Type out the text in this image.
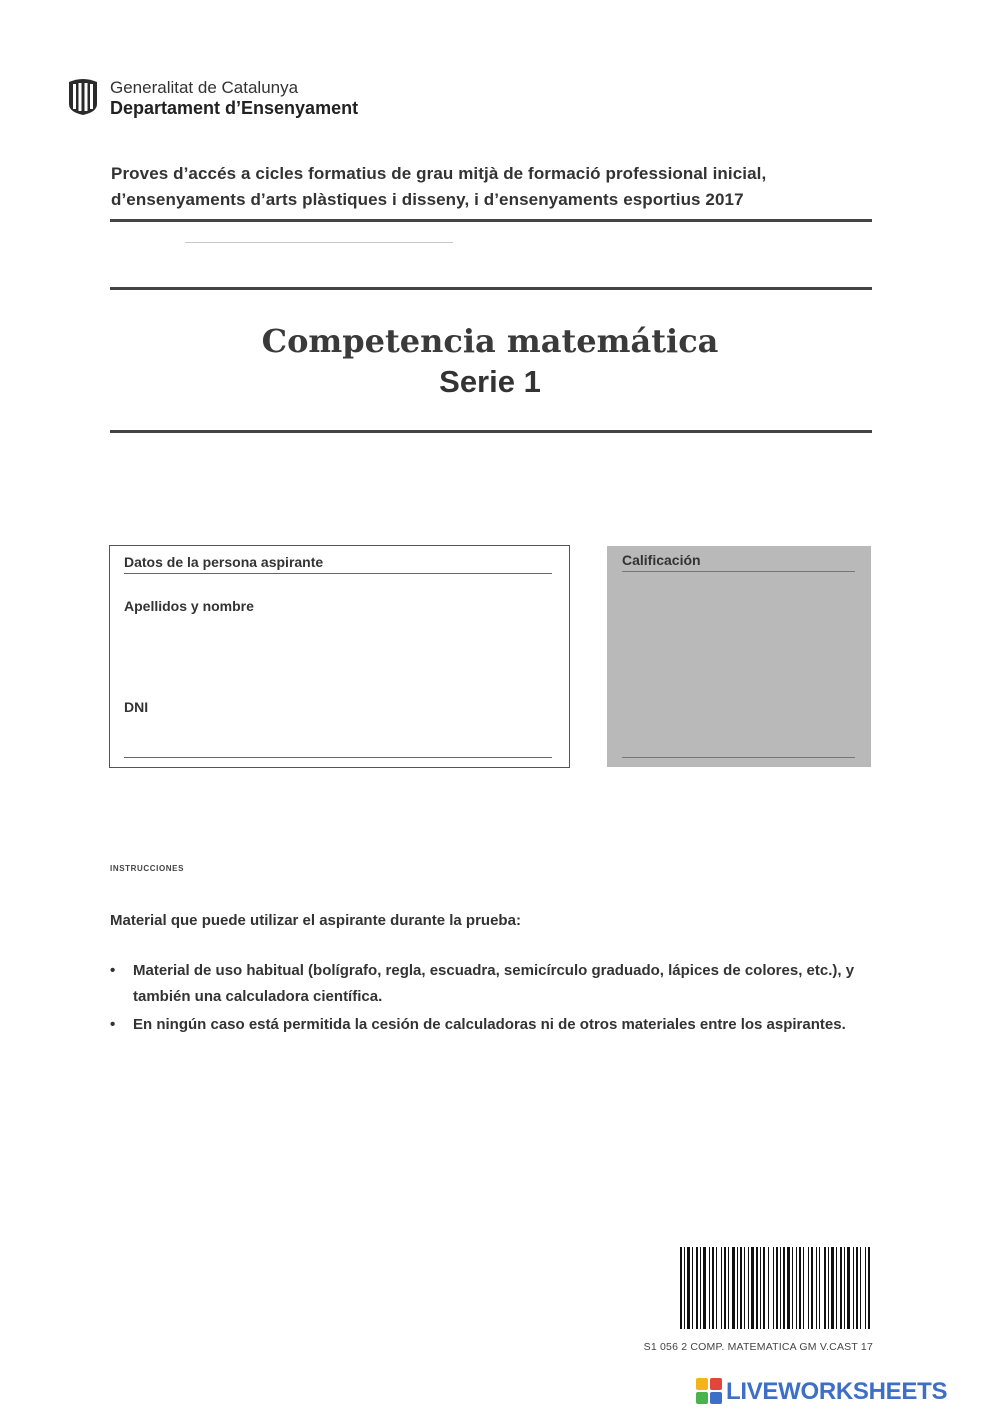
Generalitat de Catalunya
Departament d’Ensenyament
Proves d’accés a cicles formatius de grau mitjà de formació professional inicial,
d’ensenyaments d’arts plàstiques i disseny, i d’ensenyaments esportius 2017
Competencia matemática
Serie 1
Datos de la persona aspirante
Apellidos y nombre
DNI
Calificación
instrucciones
Material que puede utilizar el aspirante durante la prueba:
• Material de uso habitual (bolígrafo, regla, escuadra, semicírculo graduado, lápices de colores, etc.), y también una calculadora científica.
• En ningún caso está permitida la cesión de calculadoras ni de otros materiales entre los aspirantes.
S1 056 2 COMP. MATEMATICA GM V.CAST 17
LIVEWORKSHEETS
